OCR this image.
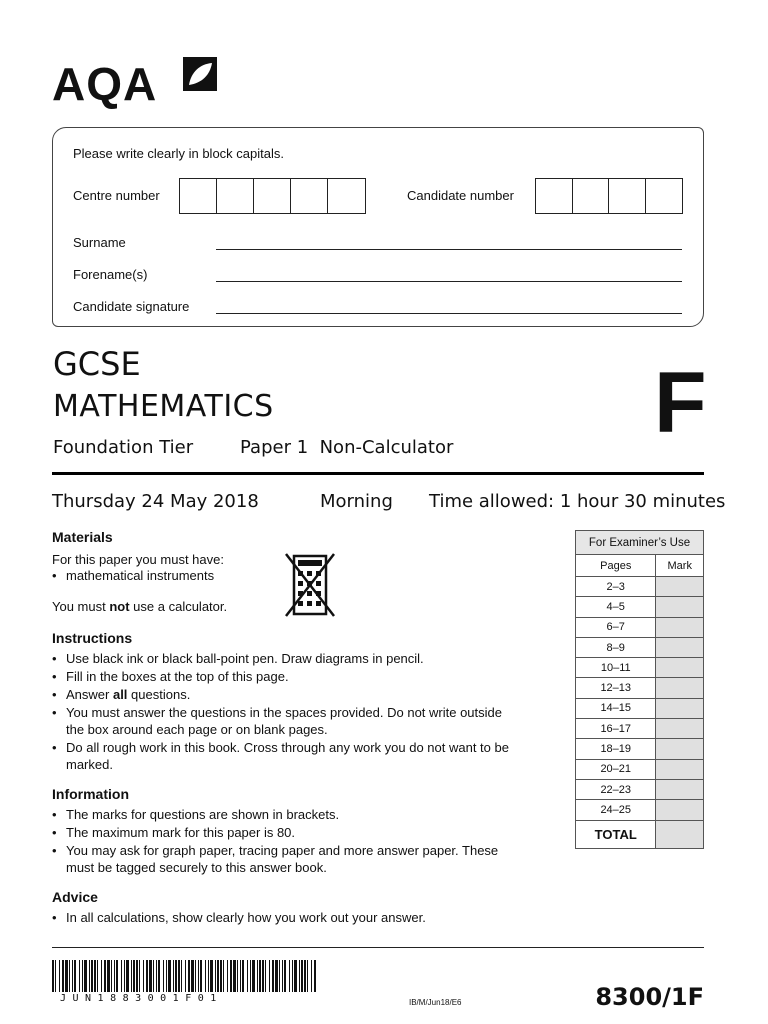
AQA
Please write clearly in block capitals.
Centre number	Candidate number
Surname
Forename(s)
Candidate signature
GCSE
MATHEMATICS
Foundation Tier	Paper 1  Non-Calculator F
Thursday 24 May 2018	Morning Time allowed: 1 hour 30 minutes
Materials
For this paper you must have:
• mathematical instruments
You must not use a calculator.
Instructions
• Use black ink or black ball-point pen. Draw diagrams in pencil.
• Fill in the boxes at the top of this page.
• Answer all questions.
• You must answer the questions in the spaces provided. Do not write outside the box around each page or on blank pages.
• Do all rough work in this book. Cross through any work you do not want to be marked.
Information
• The marks for questions are shown in brackets.
• The maximum mark for this paper is 80.
• You may ask for graph paper, tracing paper and more answer paper. These must be tagged securely to this answer book.
Advice
• In all calculations, show clearly how you work out your answer.
For Examiner’s Use	
Pages	Mark
2–3	
4–5	
6–7	
8–9	
10–11	
12–13	
14–15	
16–17	
18–19	
20–21	
22–23	
24–25	
TOTAL	
JUN1883001F01	IB/M/Jun18/E6	8300/1F
